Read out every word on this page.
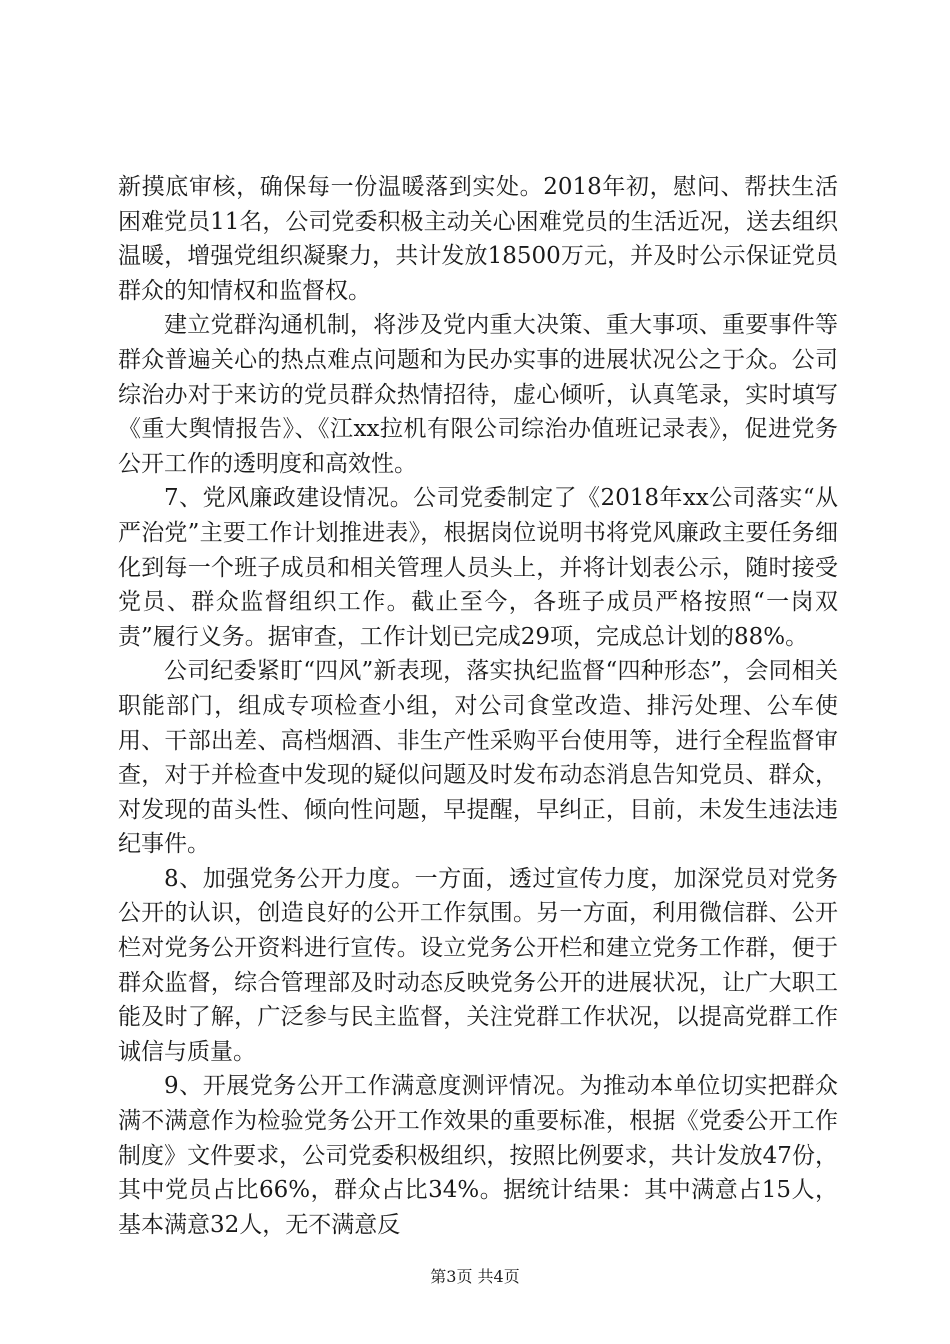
新摸底审核，确保每一份温暖落到实处。2018年初，慰问、帮扶生活困难党员11名，公司党委积极主动关心困难党员的生活近况，送去组织温暖，增强党组织凝聚力，共计发放18500万元，并及时公示保证党员群众的知情权和监督权。

建立党群沟通机制，将涉及党内重大决策、重大事项、重要事件等群众普遍关心的热点难点问题和为民办实事的进展状况公之于众。公司综治办对于来访的党员群众热情招待，虚心倾听，认真笔录，实时填写《重大舆情报告》、《江xx拉机有限公司综治办值班记录表》，促进党务公开工作的透明度和高效性。

7、党风廉政建设情况。公司党委制定了《2018年xx公司落实“从严治党”主要工作计划推进表》，根据岗位说明书将党风廉政主要任务细化到每一个班子成员和相关管理人员头上，并将计划表公示，随时接受党员、群众监督组织工作。截止至今，各班子成员严格按照“一岗双责”履行义务。据审查，工作计划已完成29项，完成总计划的88%。

公司纪委紧盯“四风”新表现，落实执纪监督“四种形态”，会同相关职能部门，组成专项检查小组，对公司食堂改造、排污处理、公车使用、干部出差、高档烟酒、非生产性采购平台使用等，进行全程监督审查，对于并检查中发现的疑似问题及时发布动态消息告知党员、群众，对发现的苗头性、倾向性问题，早提醒，早纠正，目前，未发生违法违纪事件。

8、加强党务公开力度。一方面，透过宣传力度，加深党员对党务公开的认识，创造良好的公开工作氛围。另一方面，利用微信群、公开栏对党务公开资料进行宣传。设立党务公开栏和建立党务工作群，便于群众监督，综合管理部及时动态反映党务公开的进展状况，让广大职工能及时了解，广泛参与民主监督，关注党群工作状况，以提高党群工作诚信与质量。

9、开展党务公开工作满意度测评情况。为推动本单位切实把群众满不满意作为检验党务公开工作效果的重要标准，根据《党委公开工作制度》文件要求，公司党委积极组织，按照比例要求，共计发放47份，其中党员占比66%，群众占比34%。据统计结果：其中满意占15人，基本满意32人，无不满意反

第3页 共4页
